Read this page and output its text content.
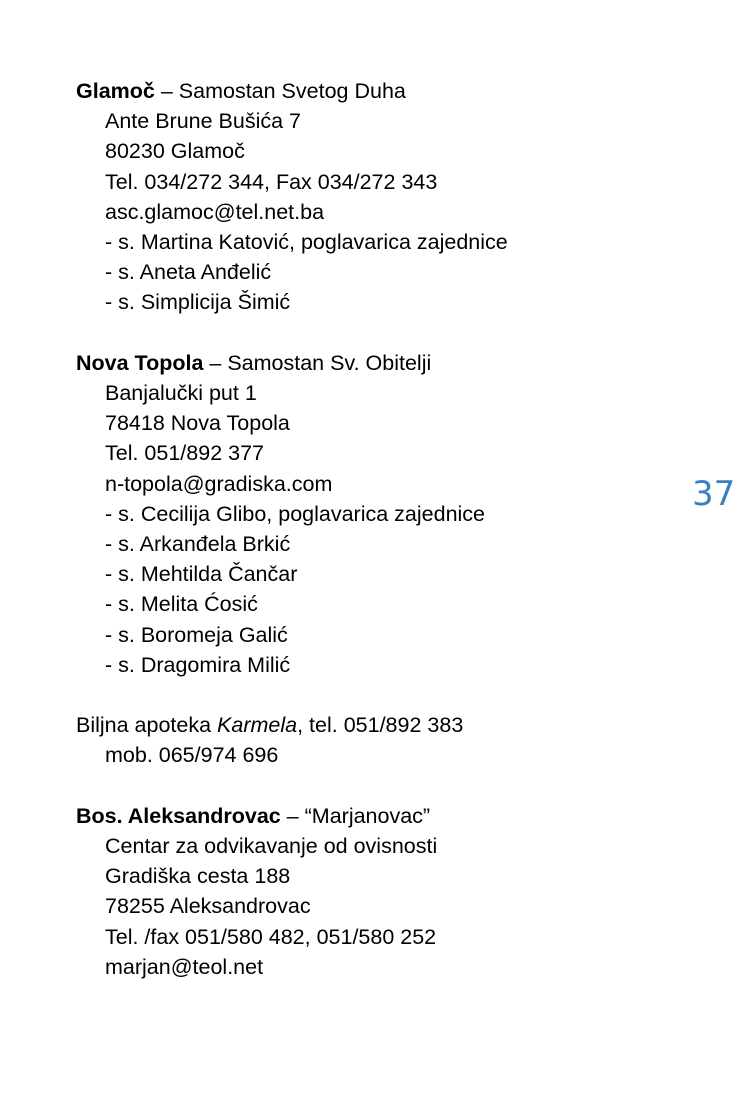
Glamoč – Samostan Svetog Duha
Ante Brune Bušića 7
80230 Glamoč
Tel. 034/272 344, Fax 034/272 343
asc.glamoc@tel.net.ba
- s. Martina Katović, poglavarica zajednice
- s. Aneta Anđelić
- s. Simplicija Šimić
Nova Topola – Samostan Sv. Obitelji
Banjalučki put 1
78418 Nova Topola
Tel. 051/892 377
n-topola@gradiska.com
- s. Cecilija Glibo, poglavarica zajednice
- s. Arkanđela Brkić
- s. Mehtilda Čančar
- s. Melita Ćosić
- s. Boromeja Galić
- s. Dragomira Milić
Biljna apoteka Karmela, tel. 051/892 383
mob. 065/974 696
Bos. Aleksandrovac – “Marjanovac”
Centar za odvikavanje od ovisnosti
Gradiška cesta 188
78255 Aleksandrovac
Tel. /fax 051/580 482, 051/580 252
marjan@teol.net
37
